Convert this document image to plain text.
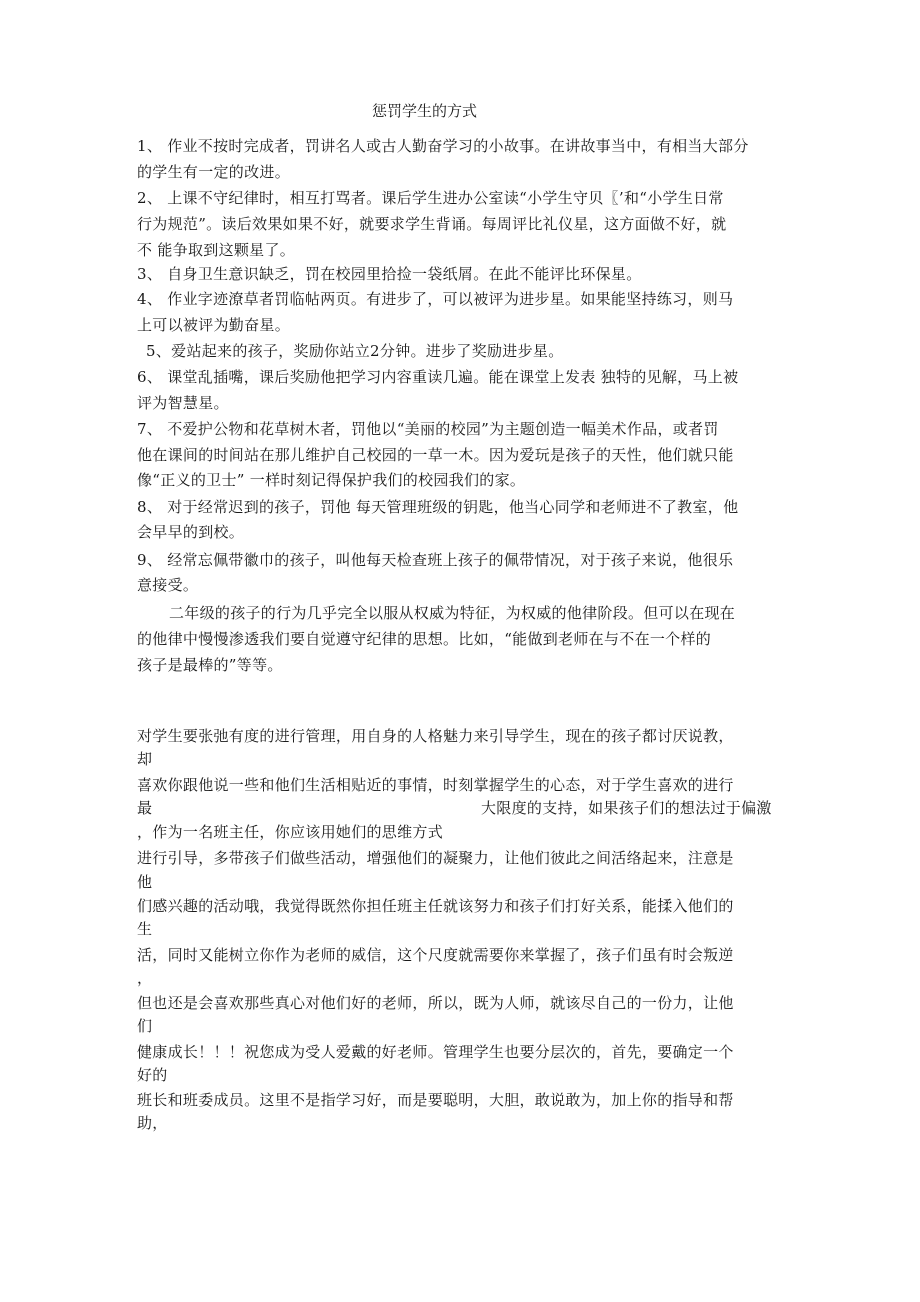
惩罚学生的方式
1、 作业不按时完成者，罚讲名人或古人勤奋学习的小故事。在讲故事当中，有相当大部分
的学生有一定的改进。
2、 上课不守纪律时，相互打骂者。课后学生进办公室读“小学生守贝〖’和“小学生日常
行为规范”。读后效果如果不好，就要求学生背诵。每周评比礼仪星，这方面做不好，就
不 能争取到这颗星了。
3、 自身卫生意识缺乏，罚在校园里拾捡一袋纸屑。在此不能评比环保星。
4、 作业字迹潦草者罚临帖两页。有进步了，可以被评为进步星。如果能坚持练习，则马
上可以被评为勤奋星。
5、爱站起来的孩子，奖励你站立2分钟。进步了奖励进步星。
6、 课堂乱插嘴，课后奖励他把学习内容重读几遍。能在课堂上发表 独特的见解，马上被
评为智慧星。
7、 不爱护公物和花草树木者，罚他以“美丽的校园”为主题创造一幅美术作品，或者罚
他在课间的时间站在那儿维护自己校园的一草一木。因为爱玩是孩子的天性，他们就只能
像“正义的卫士” 一样时刻记得保护我们的校园我们的家。
8、 对于经常迟到的孩子，罚他 每天管理班级的钥匙，他当心同学和老师进不了教室，他
会早早的到校。
9、 经常忘佩带徽巾的孩子，叫他每天检查班上孩子的佩带情况，对于孩子来说，他很乐
意接受。
二年级的孩子的行为几乎完全以服从权威为特征，为权威的他律阶段。但可以在现在
的他律中慢慢渗透我们要自觉遵守纪律的思想。比如，“能做到老师在与不在一个样的
孩子是最棒的”等等。
对学生要张弛有度的进行管理，用自身的人格魅力来引导学生，现在的孩子都讨厌说教，
却
喜欢你跟他说一些和他们生活相贴近的事情，时刻掌握学生的心态，对于学生喜欢的进行
最	大限度的支持，如果孩子们的想法过于偏激
，作为一名班主任，你应该用她们的思维方式
进行引导，多带孩子们做些活动，增强他们的凝聚力，让他们彼此之间活络起来，注意是
他
们感兴趣的活动哦，我觉得既然你担任班主任就该努力和孩子们打好关系，能揉入他们的
生
活，同时又能树立你作为老师的威信，这个尺度就需要你来掌握了，孩子们虽有时会叛逆
，
但也还是会喜欢那些真心对他们好的老师，所以，既为人师，就该尽自己的一份力，让他
们
健康成长！！！祝您成为受人爱戴的好老师。管理学生也要分层次的，首先，要确定一个
好的
班长和班委成员。这里不是指学习好，而是要聪明，大胆，敢说敢为，加上你的指导和帮
助，
